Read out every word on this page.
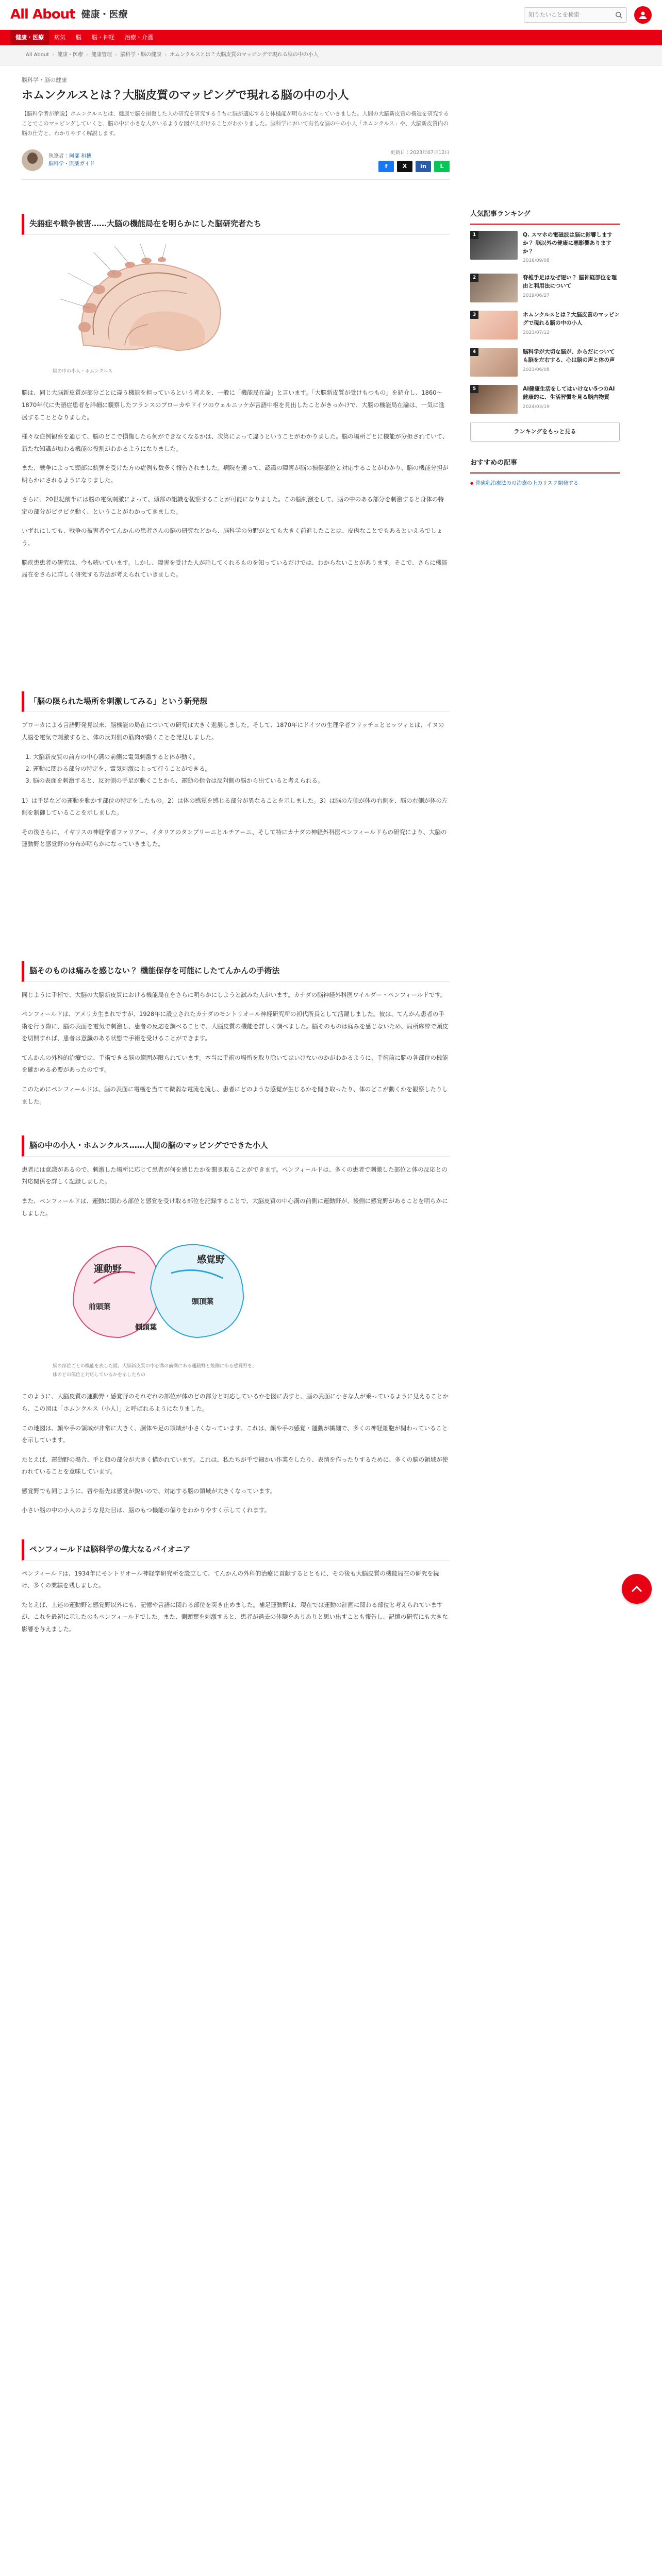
All About 健康・医療
知りたいことを検索
健康・医療	病気	脳	脳・神経	治療・介護
All About › 健康・医療 › 健康管理 › 脳科学・脳の健康 › ホムンクルスとは？大脳皮質のマッピングで現れる脳の中の小人
脳科学・脳の健康
ホムンクルスとは？大脳皮質のマッピングで現れる脳の中の小人

【脳科学者が解説】ホムンクルスとは、健康で脳を損傷した人の研究を研究するうちに脳が適応すると体機能が明らかになっていきました。人間の大脳新皮質の構造を研究することでこのマッピングしていくと、脳の中に小さな人がいるような図がえがけることがわかりました。脳科学において有名な脳の中の小人「ホムンクルス」や、大脳新皮質内の脳の仕方と、わかりやすく解説します。

執筆者：阿部 和穂
脳科学・医薬ガイド
更新日：2023年07月12日
f	X	in	L
失語症や戦争被害……大脳の機能局在を明らかにした脳研究者たち
脳の中の小人・ホムンクルス

脳は、同じ大脳新皮質が部分ごとに違う機能を担っているという考えを、一般に「機能局在論」と言います。「大脳新皮質が受けもつもの」を紹介し、1860〜1870年代に失語症患者を詳細に観察したフランスのブローカやドイツのウェルニッケが言語中枢を見出したことがきっかけで、大脳の機能局在論は、一気に進展することとなりました。

様々な症例観察を通じて、脳のどこで損傷したら何ができなくなるかは、次第によって違うということがわかりました。脳の場所ごとに機能が分担されていて、新たな知識が加わる機能の役割がわかるようになりました。

また、戦争によって頭部に銃弾を受けた方の症例も数多く報告されました。病院を通って、認識の障害が脳の損傷部位と対応することがわかり、脳の機能分担が明らかにされるようになりました。

さらに、20世紀前半には脳の電気刺激によって、頭部の組織を観察することが可能になりました。この脳刺激をして、脳の中のある部分を刺激すると身体の特定の部分がピクピク動く、ということがわかってきました。

いずれにしても、戦争の被害者やてんかんの患者さんの脳の研究などから、脳科学の分野がとても大きく前進したことは、皮肉なことでもあるといえるでしょう。

脳疾患患者の研究は、今も続いています。しかし、障害を受けた人が話してくれるものを知っているだけでは、わからないことがあります。そこで、さらに機能局在をさらに詳しく研究する方法が考えられていきました。

「脳の限られた場所を刺激してみる」という新発想

ブローカによる言語野発見以来、脳機能の局在についての研究は大きく進展しました。そして、1870年にドイツの生理学者フリッチュとヒッツィヒは、イヌの大脳を電気で刺激すると、体の反対側の筋肉が動くことを発見しました。

1. 大脳新皮質の前方の中心溝の前側に電気刺激すると体が動く。
2. 運動に関わる部分の特定を、電気刺激によって行うことができる。
3. 脳の表面を刺激すると、反対側の手足が動くことから、運動の指令は反対側の脳から出ていると考えられる。

1）は手足などの運動を動かす部位の特定をしたもの。2）は体の感覚を感じる部分が異なることを示しました。3）は脳の左側が体の右側を、脳の右側が体の左側を制御していることを示しました。

その後さらに、イギリスの神経学者ファリアー、イタリアのタンブリーニとルチアーニ、そして特にカナダの神経外科医ペンフィールドらの研究により、大脳の運動野と感覚野の分布が明らかになっていきました。

脳そのものは痛みを感じない？ 機能保存を可能にしたてんかんの手術法

同じように手術で、大脳の大脳新皮質における機能局在をさらに明らかにしようと試みた人がいます。カナダの脳神経外科医ワイルダー・ペンフィールドです。

ペンフィールドは、アメリカ生まれですが、1928年に設立されたカナダのモントリオール神経研究所の初代所長として活躍しました。彼は、てんかん患者の手術を行う際に、脳の表面を電気で刺激し、患者の反応を調べることで、大脳皮質の機能を詳しく調べました。脳そのものは痛みを感じないため、局所麻酔で頭皮を切開すれば、患者は意識のある状態で手術を受けることができます。

てんかんの外科的治療では、手術できる脳の範囲が限られています。本当に手術の場所を取り除いてはいけないのかがわかるように、手術前に脳の各部位の機能を確かめる必要があったのです。

このためにペンフィールドは、脳の表面に電極を当てて微弱な電流を流し、患者にどのような感覚が生じるかを聞き取ったり、体のどこが動くかを観察したりしました。

脳の中の小人・ホムンクルス……人間の脳のマッピングでできた小人

患者には意識があるので、刺激した場所に応じて患者が何を感じたかを聞き取ることができます。ペンフィールドは、多くの患者で刺激した部位と体の反応との対応関係を詳しく記録しました。

また、ペンフィールドは、運動に関わる部位と感覚を受け取る部位を記録することで、大脳皮質の中心溝の前側に運動野が、後側に感覚野があることを明らかにしました。

運動野
感覚野
前頭葉
頭頂葉
側頭葉
脳の部位ごとの機能を表した図。大脳新皮質の中心溝の前側にある運動野と後側にある感覚野を、体のどの部位と対応しているかを示したもの

このように、大脳皮質の運動野・感覚野のそれぞれの部位が体のどの部分と対応しているかを図に表すと、脳の表面に小さな人が乗っているように見えることから、この図は「ホムンクルス（小人）」と呼ばれるようになりました。

この地図は、顔や手の領域が非常に大きく、胴体や足の領域が小さくなっています。これは、顔や手の感覚・運動が繊細で、多くの神経細胞が関わっていることを示しています。

たとえば、運動野の場合、手と顔の部分が大きく描かれています。これは、私たちが手で細かい作業をしたり、表情を作ったりするために、多くの脳の領域が使われていることを意味しています。

感覚野でも同じように、唇や指先は感覚が鋭いので、対応する脳の領域が大きくなっています。

小さい脳の中の小人のような見た目は、脳のもつ機能の偏りをわかりやすく示してくれます。

ペンフィールドは脳科学の偉大なるパイオニア

ペンフィールドは、1934年にモントリオール神経学研究所を設立して、てんかんの外科的治療に貢献するとともに、その後も大脳皮質の機能局在の研究を続け、多くの業績を残しました。

たとえば、上述の運動野と感覚野以外にも、記憶や言語に関わる部位を突き止めました。補足運動野は、現在では運動の計画に関わる部位と考えられていますが、これを最初に示したのもペンフィールドでした。また、側頭葉を刺激すると、患者が過去の体験をありありと思い出すことも報告し、記憶の研究にも大きな影響を与えました。

人気記事ランキング
1	Q. スマホの電磁波は脳に影響しますか？ 脳以外の健康に悪影響ありますか？
2016/09/08
2	脊椎手足はなぜ短い？ 脳神経部位を理由と利用法について
2019/06/27
3	ホムンクルスとは？大脳皮質のマッピングで現れる脳の中の小人
2023/07/12
4	脳科学が大切な脳が、からだについても脳を左右する、心は脳の声と体の声
2023/06/08
5	AI健康生活をしてはいけない5つのAI 健康的に、生活習慣を見る脳内物質
2024/03/19
ランキングをもっと見る
おすすめの記事
● 骨癒乳治療法のの治療の上のリスク開発する
